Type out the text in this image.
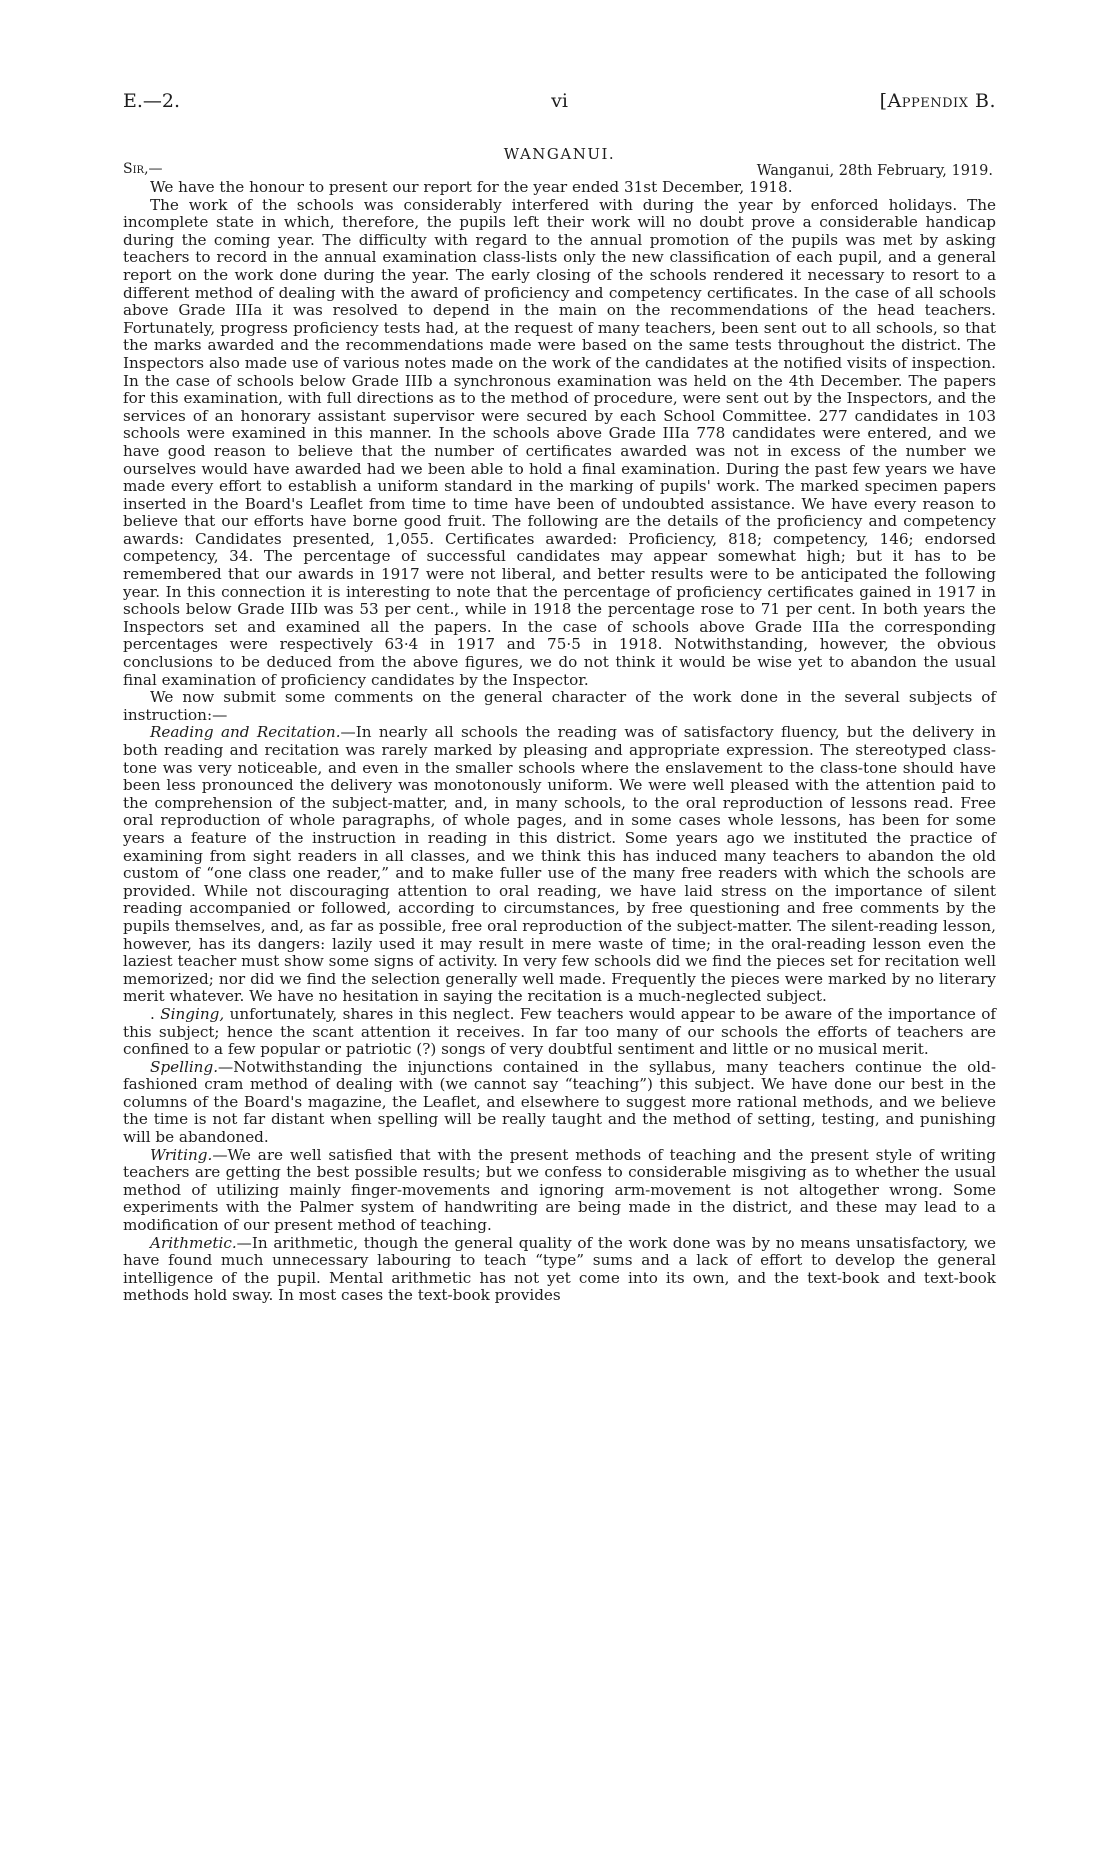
E.—2.	vi	[Appendix B.
WANGANUI.
Sir,—	Wanganui, 28th February, 1919.

We have the honour to present our report for the year ended 31st December, 1918.

The work of the schools was considerably interfered with during the year by enforced holidays. The incomplete state in which, therefore, the pupils left their work will no doubt prove a considerable handicap during the coming year. The difficulty with regard to the annual promotion of the pupils was met by asking teachers to record in the annual examination class-lists only the new classification of each pupil, and a general report on the work done during the year. The early closing of the schools rendered it necessary to resort to a different method of dealing with the award of proficiency and competency certificates. In the case of all schools above Grade IIIa it was resolved to depend in the main on the recommendations of the head teachers. Fortunately, progress proficiency tests had, at the request of many teachers, been sent out to all schools, so that the marks awarded and the recommendations made were based on the same tests throughout the district. The Inspectors also made use of various notes made on the work of the candidates at the notified visits of inspection. In the case of schools below Grade IIIb a synchronous examination was held on the 4th December. The papers for this examination, with full directions as to the method of procedure, were sent out by the Inspectors, and the services of an honorary assistant supervisor were secured by each School Committee. 277 candidates in 103 schools were examined in this manner. In the schools above Grade IIIa 778 candidates were entered, and we have good reason to believe that the number of certificates awarded was not in excess of the number we ourselves would have awarded had we been able to hold a final examination. During the past few years we have made every effort to establish a uniform standard in the marking of pupils' work. The marked specimen papers inserted in the Board's Leaflet from time to time have been of undoubted assistance. We have every reason to believe that our efforts have borne good fruit. The following are the details of the proficiency and competency awards: Candidates presented, 1,055. Certificates awarded: Proficiency, 818; competency, 146; endorsed competency, 34. The percentage of successful candidates may appear somewhat high; but it has to be remembered that our awards in 1917 were not liberal, and better results were to be anticipated the following year. In this connection it is interesting to note that the percentage of proficiency certificates gained in 1917 in schools below Grade IIIb was 53 per cent., while in 1918 the percentage rose to 71 per cent. In both years the Inspectors set and examined all the papers. In the case of schools above Grade IIIa the corresponding percentages were respectively 63·4 in 1917 and 75·5 in 1918. Notwithstanding, however, the obvious conclusions to be deduced from the above figures, we do not think it would be wise yet to abandon the usual final examination of proficiency candidates by the Inspector.

We now submit some comments on the general character of the work done in the several subjects of instruction:—

Reading and Recitation.—In nearly all schools the reading was of satisfactory fluency, but the delivery in both reading and recitation was rarely marked by pleasing and appropriate expression. The stereotyped class-tone was very noticeable, and even in the smaller schools where the enslavement to the class-tone should have been less pronounced the delivery was monotonously uniform. We were well pleased with the attention paid to the comprehension of the subject-matter, and, in many schools, to the oral reproduction of lessons read. Free oral reproduction of whole paragraphs, of whole pages, and in some cases whole lessons, has been for some years a feature of the instruction in reading in this district. Some years ago we instituted the practice of examining from sight readers in all classes, and we think this has induced many teachers to abandon the old custom of “one class one reader,” and to make fuller use of the many free readers with which the schools are provided. While not discouraging attention to oral reading, we have laid stress on the importance of silent reading accompanied or followed, according to circumstances, by free questioning and free comments by the pupils themselves, and, as far as possible, free oral reproduction of the subject-matter. The silent-reading lesson, however, has its dangers: lazily used it may result in mere waste of time; in the oral-reading lesson even the laziest teacher must show some signs of activity. In very few schools did we find the pieces set for recitation well memorized; nor did we find the selection generally well made. Frequently the pieces were marked by no literary merit whatever. We have no hesitation in saying the recitation is a much-neglected subject.

. Singing, unfortunately, shares in this neglect. Few teachers would appear to be aware of the importance of this subject; hence the scant attention it receives. In far too many of our schools the efforts of teachers are confined to a few popular or patriotic (?) songs of very doubtful sentiment and little or no musical merit.

Spelling.—Notwithstanding the injunctions contained in the syllabus, many teachers continue the old-fashioned cram method of dealing with (we cannot say “teaching”) this subject. We have done our best in the columns of the Board's magazine, the Leaflet, and elsewhere to suggest more rational methods, and we believe the time is not far distant when spelling will be really taught and the method of setting, testing, and punishing will be abandoned.

Writing.—We are well satisfied that with the present methods of teaching and the present style of writing teachers are getting the best possible results; but we confess to considerable misgiving as to whether the usual method of utilizing mainly finger-movements and ignoring arm-movement is not altogether wrong. Some experiments with the Palmer system of handwriting are being made in the district, and these may lead to a modification of our present method of teaching.

Arithmetic.—In arithmetic, though the general quality of the work done was by no means unsatisfactory, we have found much unnecessary labouring to teach “type” sums and a lack of effort to develop the general intelligence of the pupil. Mental arithmetic has not yet come into its own, and the text-book and text-book methods hold sway. In most cases the text-book provides
